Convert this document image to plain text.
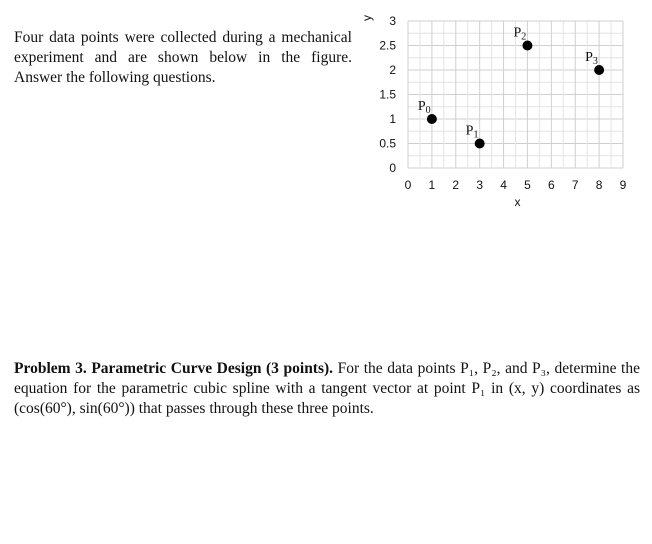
Four data points were collected during a mechanical experiment and are shown below in the figure. Answer the following questions.

0
0.5
1
1.5
2
2.5
3
0 1 2 3 4 5 6 7 8 9
y
x
$P_0$
$P_1$
$P_2$
$P_3$

Problem 3. Parametric Curve Design (3 points). For the data points P₁, P₂, and P₃, determine the equation for the parametric cubic spline with a tangent vector at point P₁ in (x, y) coordinates as (cos(60°), sin(60°)) that passes through these three points.
